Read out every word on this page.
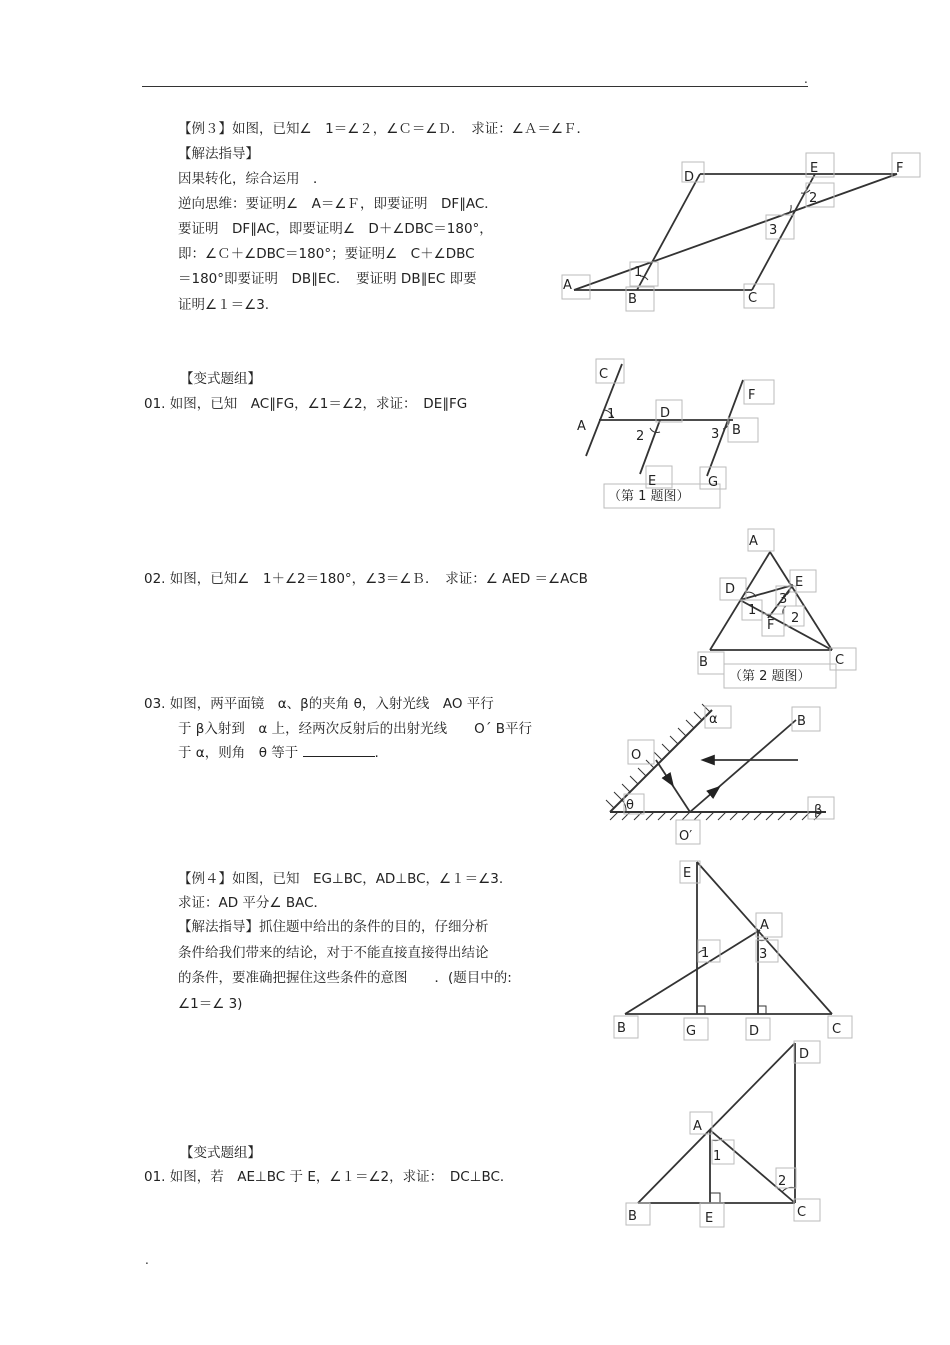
.
.
【例３】如图，已知∠　1＝∠２，∠Ｃ＝∠Ｄ．　求证：∠Ａ＝∠Ｆ．
【解法指导】
因果转化，综合运用　．
逆向思维：要证明∠　A＝∠Ｆ，即要证明　DF∥AC．
要证明　DF∥AC，即要证明∠　D＋∠DBC＝180°，
即：∠Ｃ＋∠DBC＝180°；要证明∠　C＋∠DBC
＝180°即要证明　DB∥EC．　要证明 DB∥EC 即要
证明∠１＝∠3.
【变式题组】
01. 如图，已知　AC∥FG，∠1＝∠2，求证：　DE∥FG
02. 如图，已知∠　1＋∠2＝180°，∠3＝∠Ｂ．　求证：∠ AED ＝∠ACB
03. 如图，两平面镜　α、β的夹角 θ，入射光线　AO 平行
于 β入射到　α 上，经两次反射后的出射光线　　Oˊ B平行
于 α，则角　θ 等于	.
【例４】如图，已知　EG⊥BC，AD⊥BC，∠１＝∠3.
求证：AD 平分∠ BAC．
【解法指导】抓住题中给出的条件的目的，仔细分析
条件给我们带来的结论，对于不能直接直接得出结论
的条件，要准确把握住这些条件的意图　　．(题目中的:
∠1＝∠ 3)
【变式题组】
01. 如图，若　AE⊥BC 于 E，∠１＝∠2，求证：　DC⊥BC．
D
E	F
2
3
1
A
B	C
C
A
1	D
2
F
3 B
E	G
（第 1 题图）
A
D	E
3
1
2
F
B	C
（第 2 题图）
α	B
O
θ	β
O′
E
A
1	3
B	G	D	C
D
A
1
2
B	E	C
